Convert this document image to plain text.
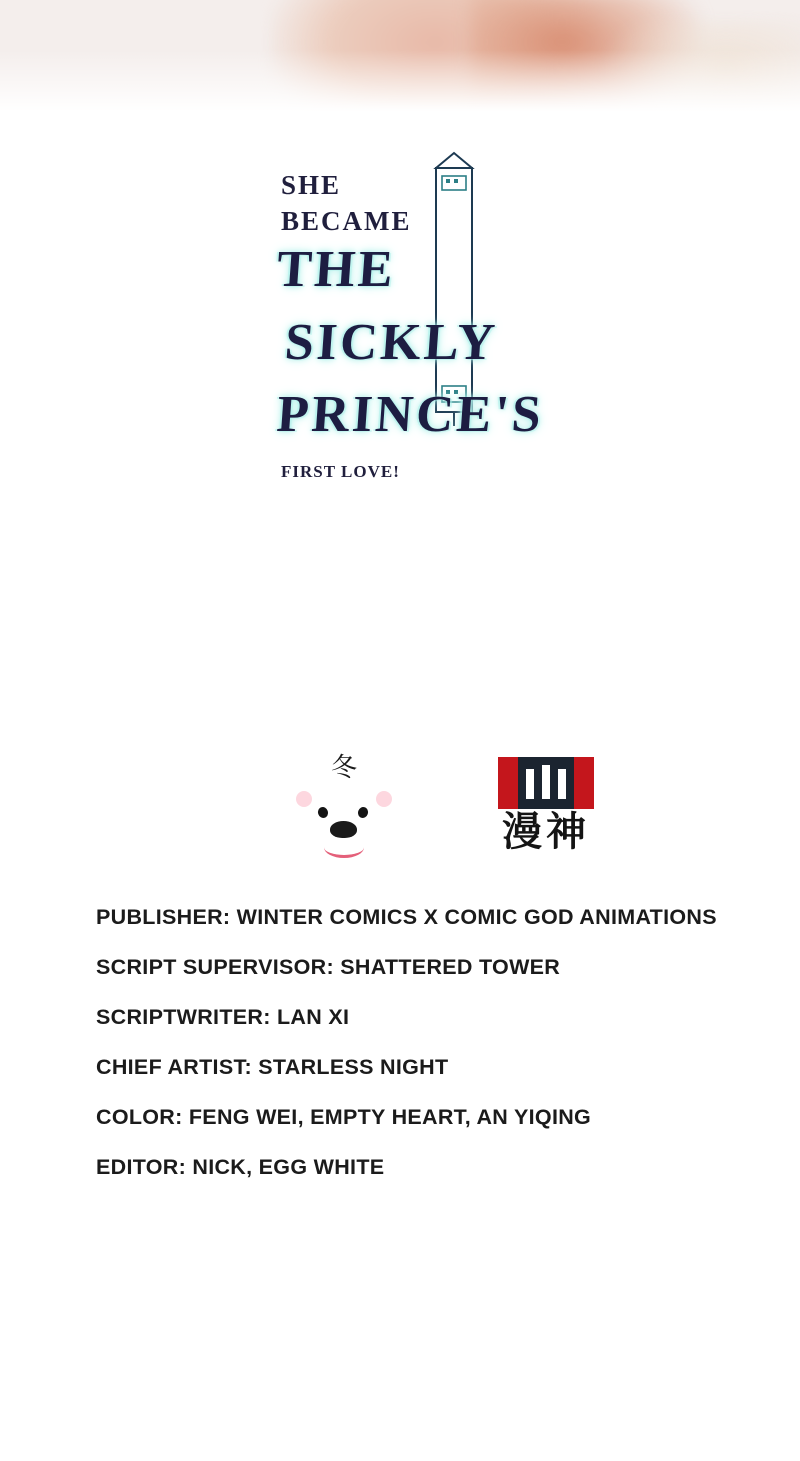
SHE
BECAME
THE
SICKLY
PRINCE'S
FIRST LOVE!
冬
漫神

PUBLISHER: WINTER COMICS X COMIC GOD ANIMATIONS

SCRIPT SUPERVISOR: SHATTERED TOWER

SCRIPTWRITER: LAN XI

CHIEF ARTIST: STARLESS NIGHT

COLOR: FENG WEI, EMPTY HEART, AN YIQING

EDITOR: NICK, EGG WHITE
